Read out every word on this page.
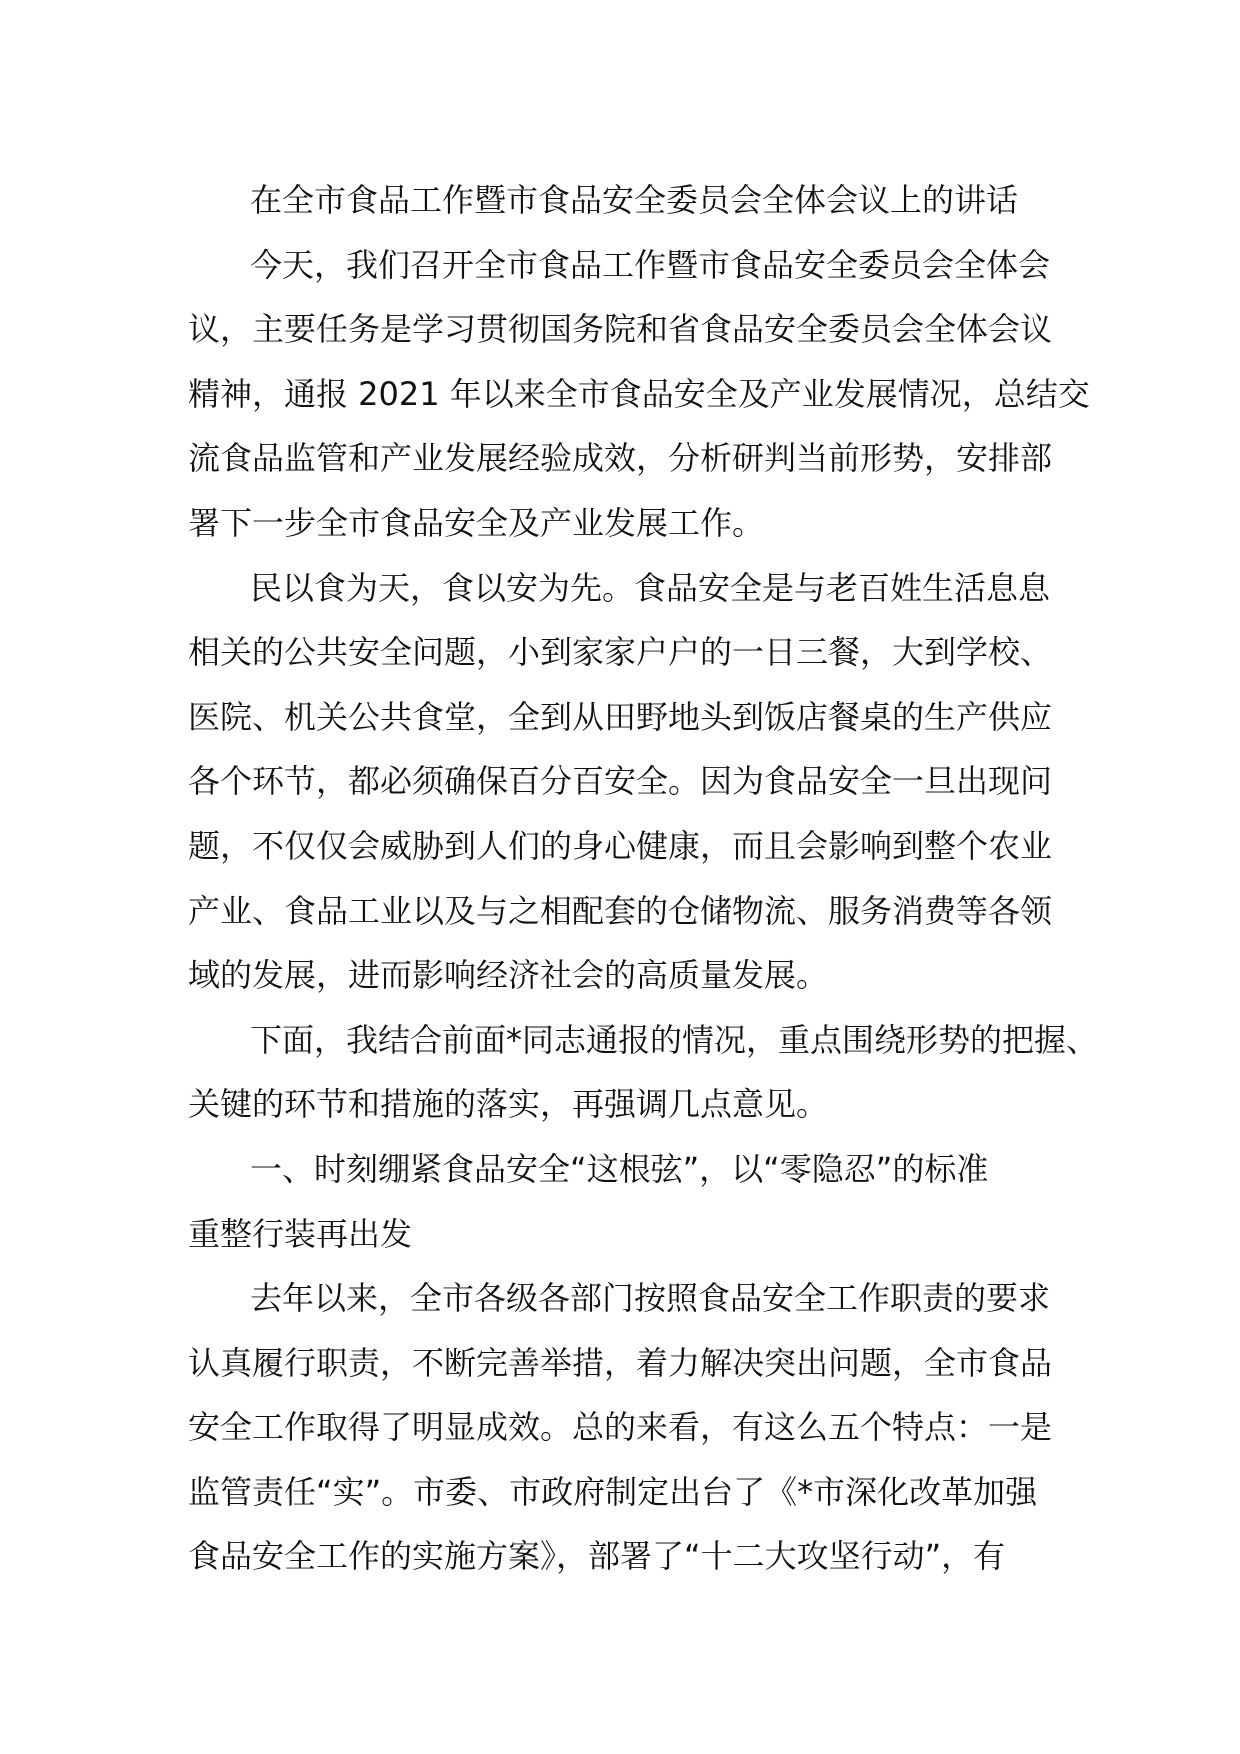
在全市食品工作暨市食品安全委员会全体会议上的讲话
今天，我们召开全市食品工作暨市食品安全委员会全体会
议，主要任务是学习贯彻国务院和省食品安全委员会全体会议
精神，通报 2021 年以来全市食品安全及产业发展情况，总结交
流食品监管和产业发展经验成效，分析研判当前形势，安排部
署下一步全市食品安全及产业发展工作。
民以食为天，食以安为先。食品安全是与老百姓生活息息
相关的公共安全问题，小到家家户户的一日三餐，大到学校、
医院、机关公共食堂，全到从田野地头到饭店餐桌的生产供应
各个环节，都必须确保百分百安全。因为食品安全一旦出现问
题，不仅仅会威胁到人们的身心健康，而且会影响到整个农业
产业、食品工业以及与之相配套的仓储物流、服务消费等各领
域的发展，进而影响经济社会的高质量发展。
下面，我结合前面*同志通报的情况，重点围绕形势的把握、
关键的环节和措施的落实，再强调几点意见。
一、时刻绷紧食品安全“这根弦”，以“零隐忍”的标准
重整行装再出发
去年以来，全市各级各部门按照食品安全工作职责的要求
认真履行职责，不断完善举措，着力解决突出问题，全市食品
安全工作取得了明显成效。总的来看，有这么五个特点：一是
监管责任“实”。市委、市政府制定出台了《*市深化改革加强
食品安全工作的实施方案》，部署了“十二大攻坚行动”，有
